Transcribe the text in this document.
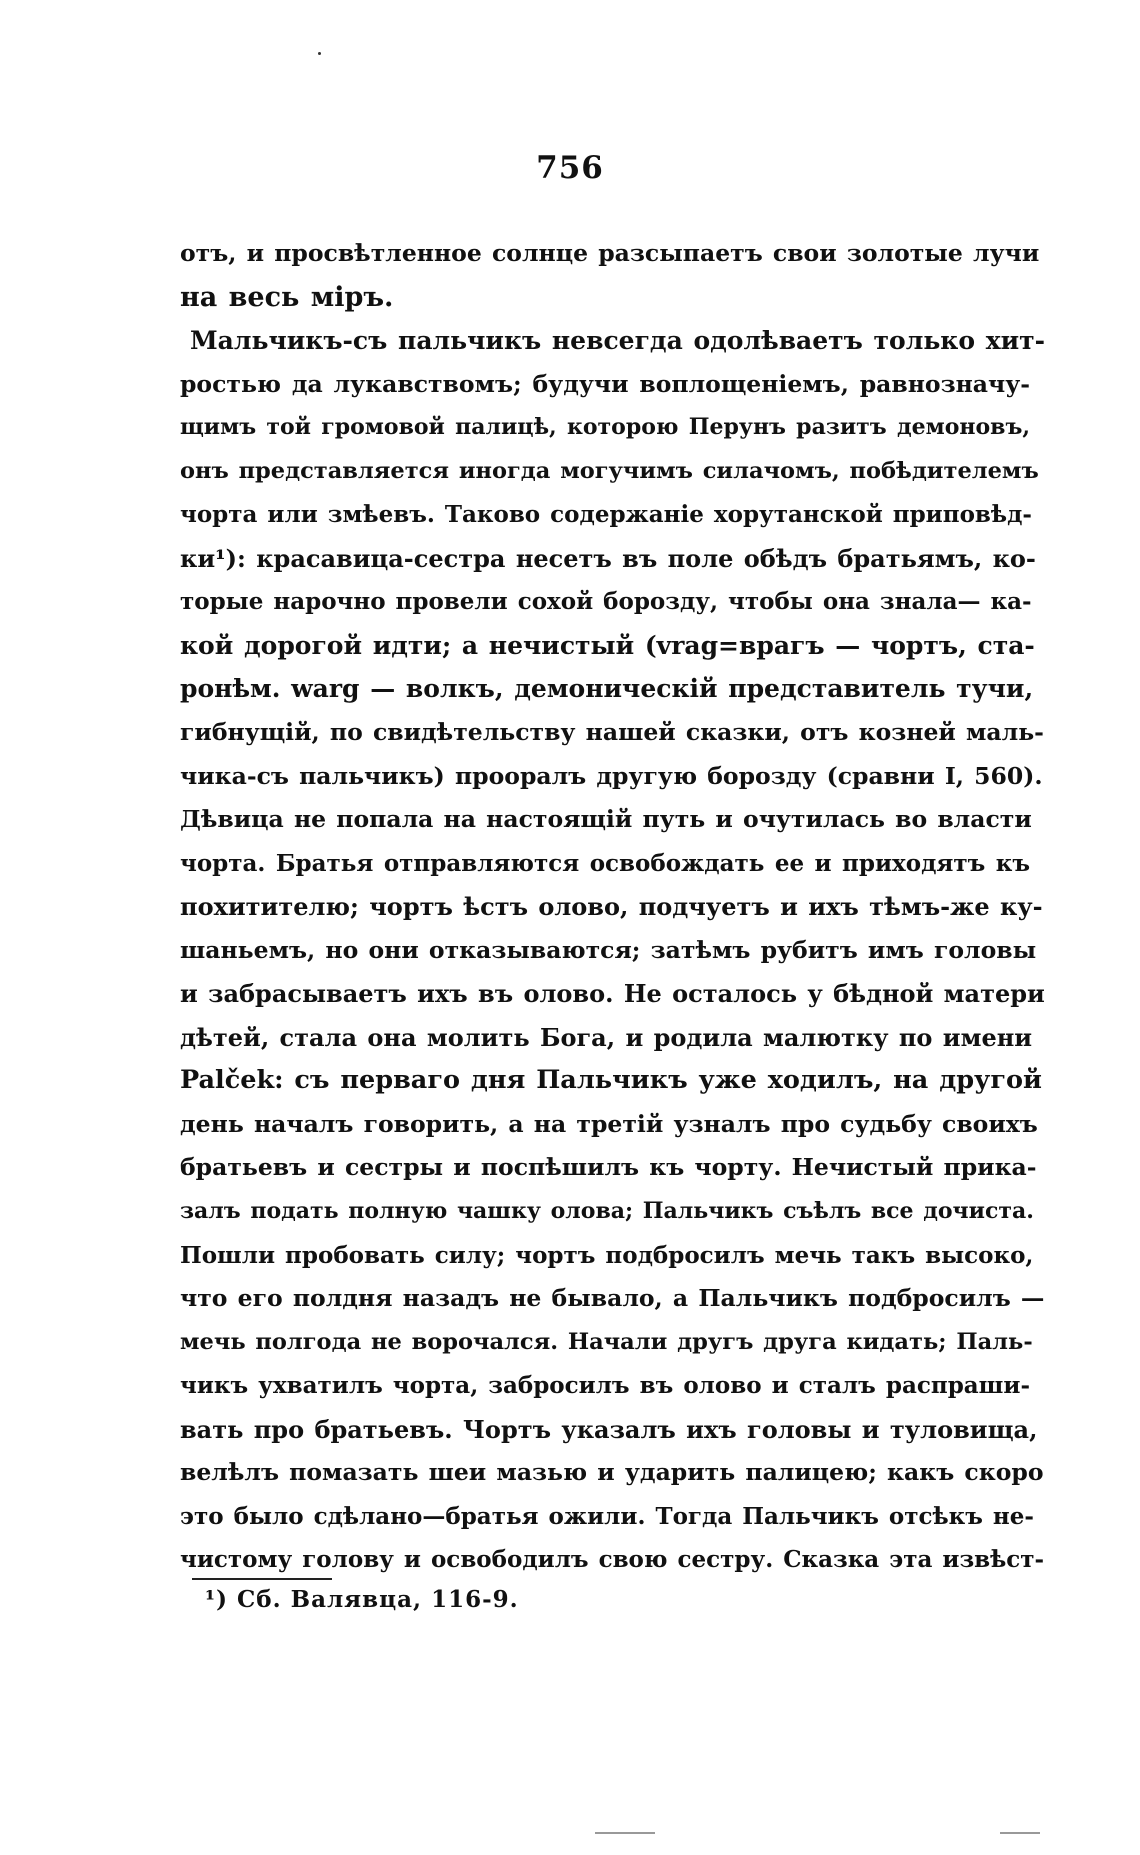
756
отъ, и просвѣтленное солнце разсыпаетъ свои золотые лучи
на весь міръ.
Мальчикъ-съ пальчикъ невсегда одолѣваетъ только хит-
ростью да лукавствомъ; будучи воплощеніемъ, равнозначу-
щимъ той громовой палицѣ, которою Перунъ разитъ демоновъ,
онъ представляется иногда могучимъ силачомъ, побѣдителемъ
чорта или змѣевъ. Таково содержаніе хорутанской приповѣд-
ки¹): красавица-сестра несетъ въ поле обѣдъ братьямъ, ко-
торые нарочно провели сохой борозду, чтобы она знала— ка-
кой дорогой идти; а нечистый (vrag=врагъ — чортъ, ста-
ронѣм. warg — волкъ, демоническій представитель тучи,
гибнущій, по свидѣтельству нашей сказки, отъ козней маль-
чика-съ пальчикъ) прооралъ другую борозду (сравни I, 560).
Дѣвица не попала на настоящій путь и очутилась во власти
чорта. Братья отправляются освобождать ее и приходятъ къ
похитителю; чортъ ѣстъ олово, подчуетъ и ихъ тѣмъ-же ку-
шаньемъ, но они отказываются; затѣмъ рубитъ имъ головы
и забрасываетъ ихъ въ олово. Не осталось у бѣдной матери
дѣтей, стала она молить Бога, и родила малютку по имени
Palček: съ перваго дня Пальчикъ уже ходилъ, на другой
день началъ говорить, а на третій узналъ про судьбу своихъ
братьевъ и сестры и поспѣшилъ къ чорту. Нечистый прика-
залъ подать полную чашку олова; Пальчикъ съѣлъ все дочиста.
Пошли пробовать силу; чортъ подбросилъ мечь такъ высоко,
что его полдня назадъ не бывало, а Пальчикъ подбросилъ —
мечь полгода не ворочался. Начали другъ друга кидать; Паль-
чикъ ухватилъ чорта, забросилъ въ олово и сталъ распраши-
вать про братьевъ. Чортъ указалъ ихъ головы и туловища,
велѣлъ помазать шеи мазью и ударить палицею; какъ скоро
это было сдѣлано—братья ожили. Тогда Пальчикъ отсѣкъ не-
чистому голову и освободилъ свою сестру. Сказка эта извѣст-
¹) Сб. Валявца, 116-9.
